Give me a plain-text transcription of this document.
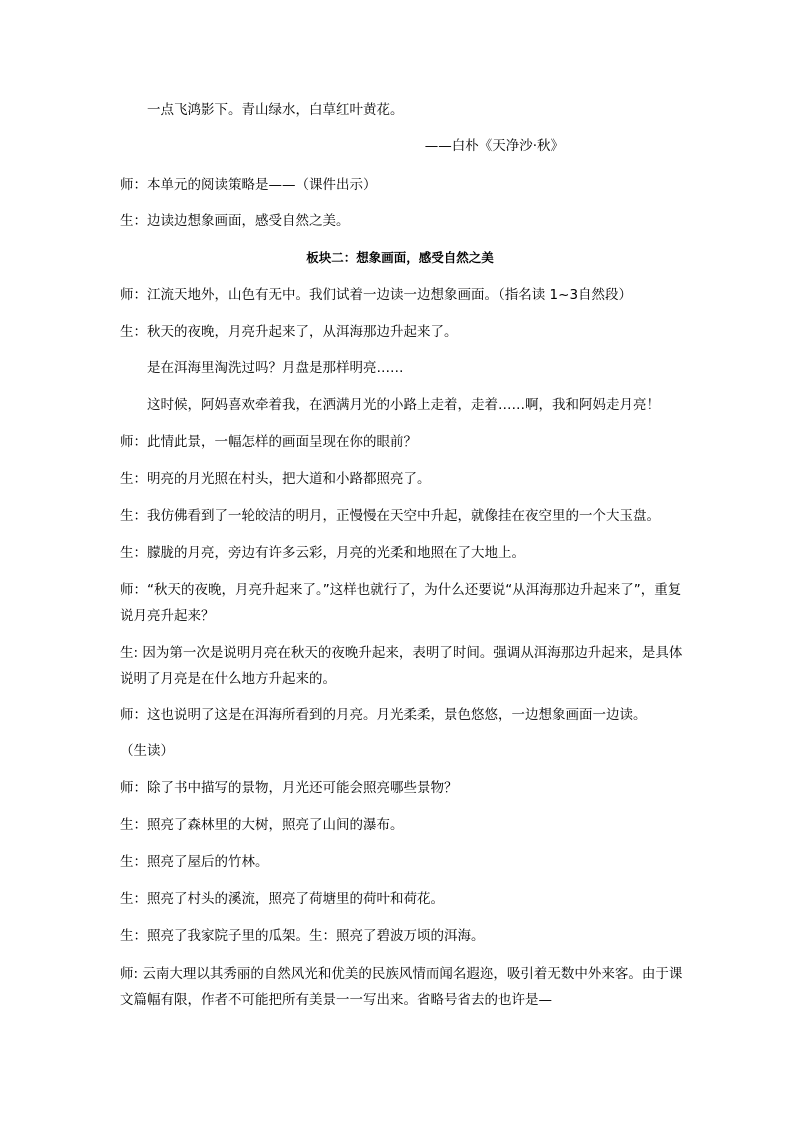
一点飞鸿影下。青山绿水，白草红叶黄花。
——白朴《天净沙·秋》
师：本单元的阅读策略是——（课件出示）
生：边读边想象画面，感受自然之美。
板块二：想象画面，感受自然之美
师：江流天地外，山色有无中。我们试着一边读一边想象画面。（指名读 1~3自然段）
生：秋天的夜晚，月亮升起来了，从洱海那边升起来了。
是在洱海里淘洗过吗？月盘是那样明亮……
这时候，阿妈喜欢牵着我，在洒满月光的小路上走着，走着……啊，我和阿妈走月亮！
师：此情此景，一幅怎样的画面呈现在你的眼前？
生：明亮的月光照在村头，把大道和小路都照亮了。
生：我仿佛看到了一轮皎洁的明月，正慢慢在天空中升起，就像挂在夜空里的一个大玉盘。
生：朦胧的月亮，旁边有许多云彩，月亮的光柔和地照在了大地上。
师：“秋天的夜晚，月亮升起来了。”这样也就行了，为什么还要说“从洱海那边升起来了”，重复说月亮升起来？
生: 因为第一次是说明月亮在秋天的夜晚升起来，表明了时间。强调从洱海那边升起来，是具体说明了月亮是在什么地方升起来的。
师：这也说明了这是在洱海所看到的月亮。月光柔柔，景色悠悠，一边想象画面一边读。
（生读）
师：除了书中描写的景物，月光还可能会照亮哪些景物？
生：照亮了森林里的大树，照亮了山间的瀑布。
生：照亮了屋后的竹林。
生：照亮了村头的溪流，照亮了荷塘里的荷叶和荷花。
生：照亮了我家院子里的瓜架。生：照亮了碧波万顷的洱海。
师: 云南大理以其秀丽的自然风光和优美的民族风情而闻名遐迩，吸引着无数中外来客。由于课文篇幅有限，作者不可能把所有美景一一写出来。省略号省去的也许是—
